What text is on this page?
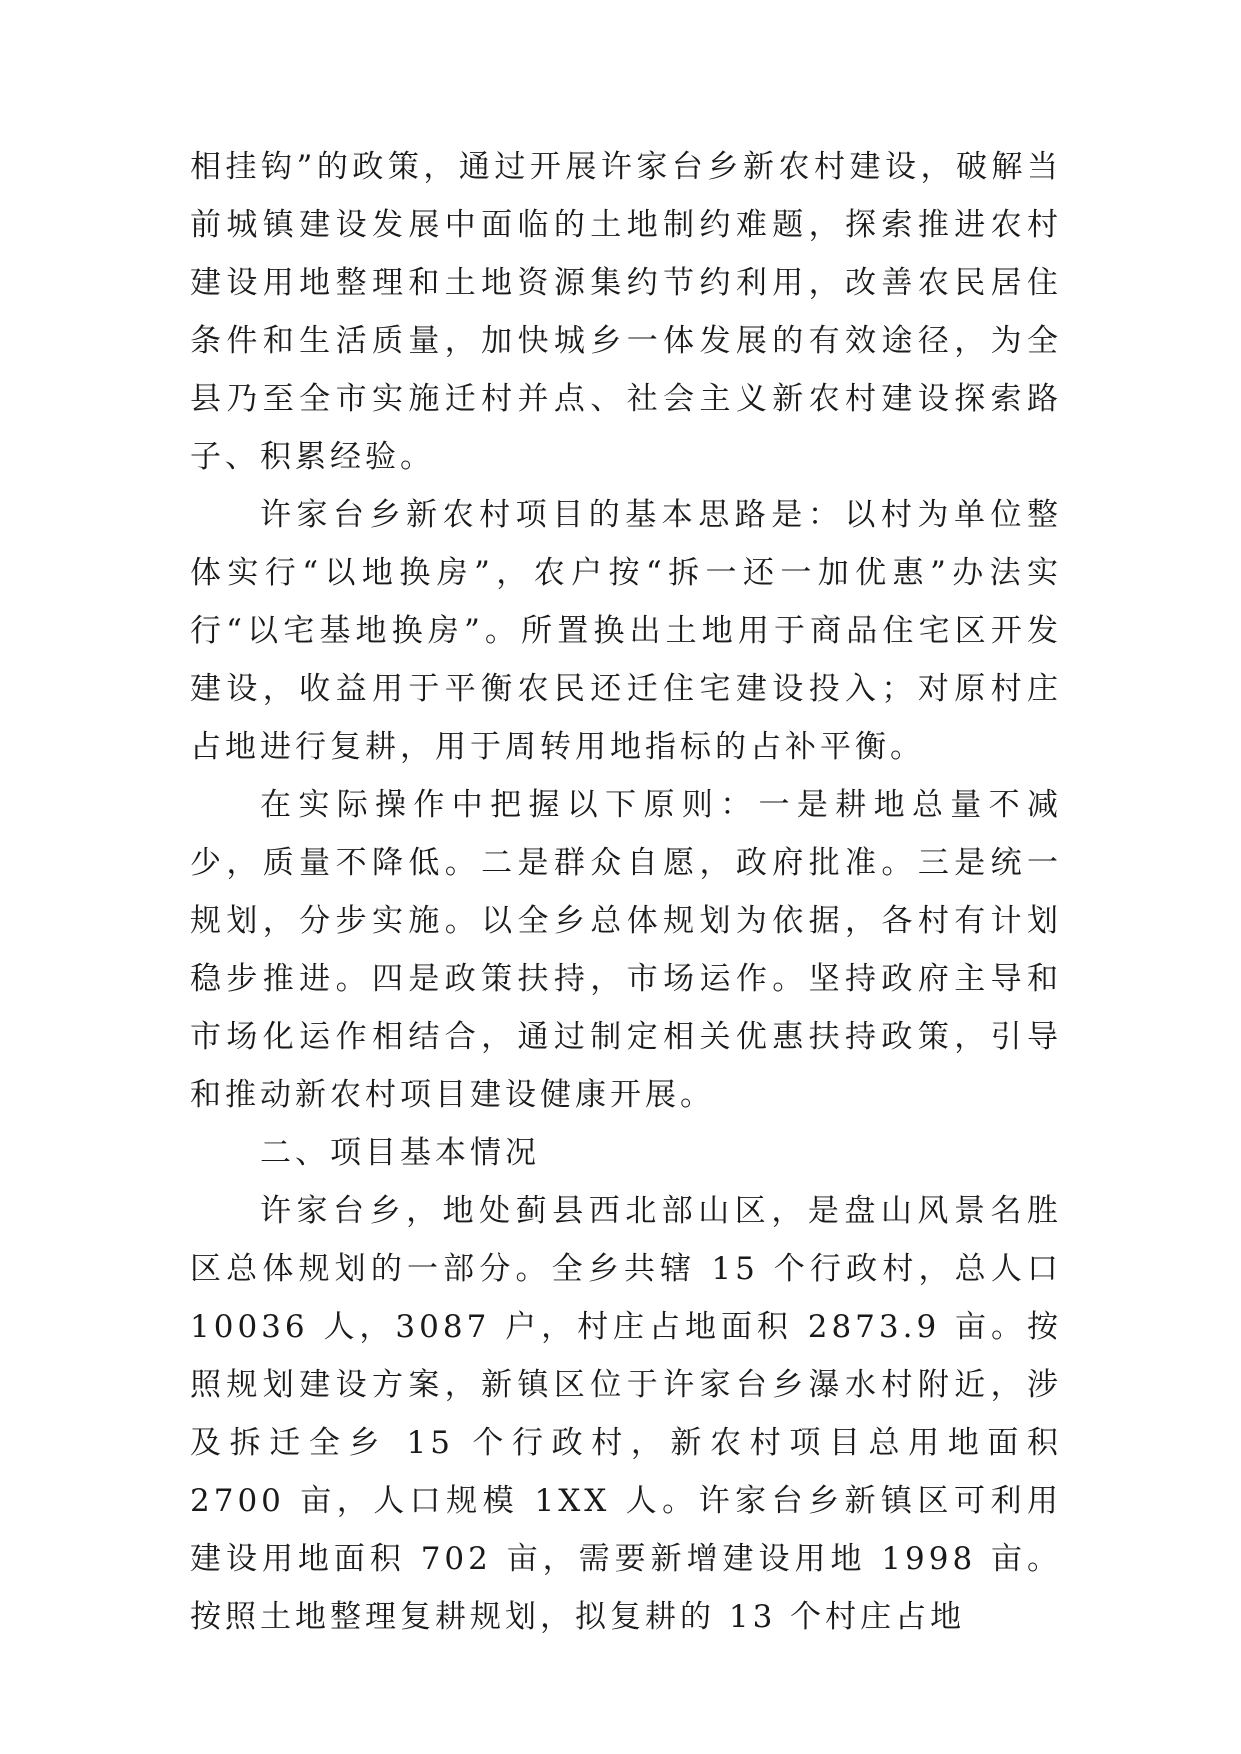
相挂钩”的政策，通过开展许家台乡新农村建设，破解当前城镇建设发展中面临的土地制约难题，探索推进农村建设用地整理和土地资源集约节约利用，改善农民居住条件和生活质量，加快城乡一体发展的有效途径，为全县乃至全市实施迁村并点、社会主义新农村建设探索路子、积累经验。

许家台乡新农村项目的基本思路是：以村为单位整体实行“以地换房”，农户按“拆一还一加优惠”办法实行“以宅基地换房”。所置换出土地用于商品住宅区开发建设，收益用于平衡农民还迁住宅建设投入；对原村庄占地进行复耕，用于周转用地指标的占补平衡。

在实际操作中把握以下原则：一是耕地总量不减少，质量不降低。二是群众自愿，政府批准。三是统一规划，分步实施。以全乡总体规划为依据，各村有计划稳步推进。四是政策扶持，市场运作。坚持政府主导和市场化运作相结合，通过制定相关优惠扶持政策，引导和推动新农村项目建设健康开展。

二、项目基本情况

许家台乡，地处蓟县西北部山区，是盘山风景名胜区总体规划的一部分。全乡共辖 15 个行政村，总人口 10036 人，3087 户，村庄占地面积 2873.9 亩。按照规划建设方案，新镇区位于许家台乡瀑水村附近，涉及拆迁全乡 15 个行政村，新农村项目总用地面积 2700 亩，人口规模 1XX 人。许家台乡新镇区可利用建设用地面积 702 亩，需要新增建设用地 1998 亩。按照土地整理复耕规划，拟复耕的 13 个村庄占地
